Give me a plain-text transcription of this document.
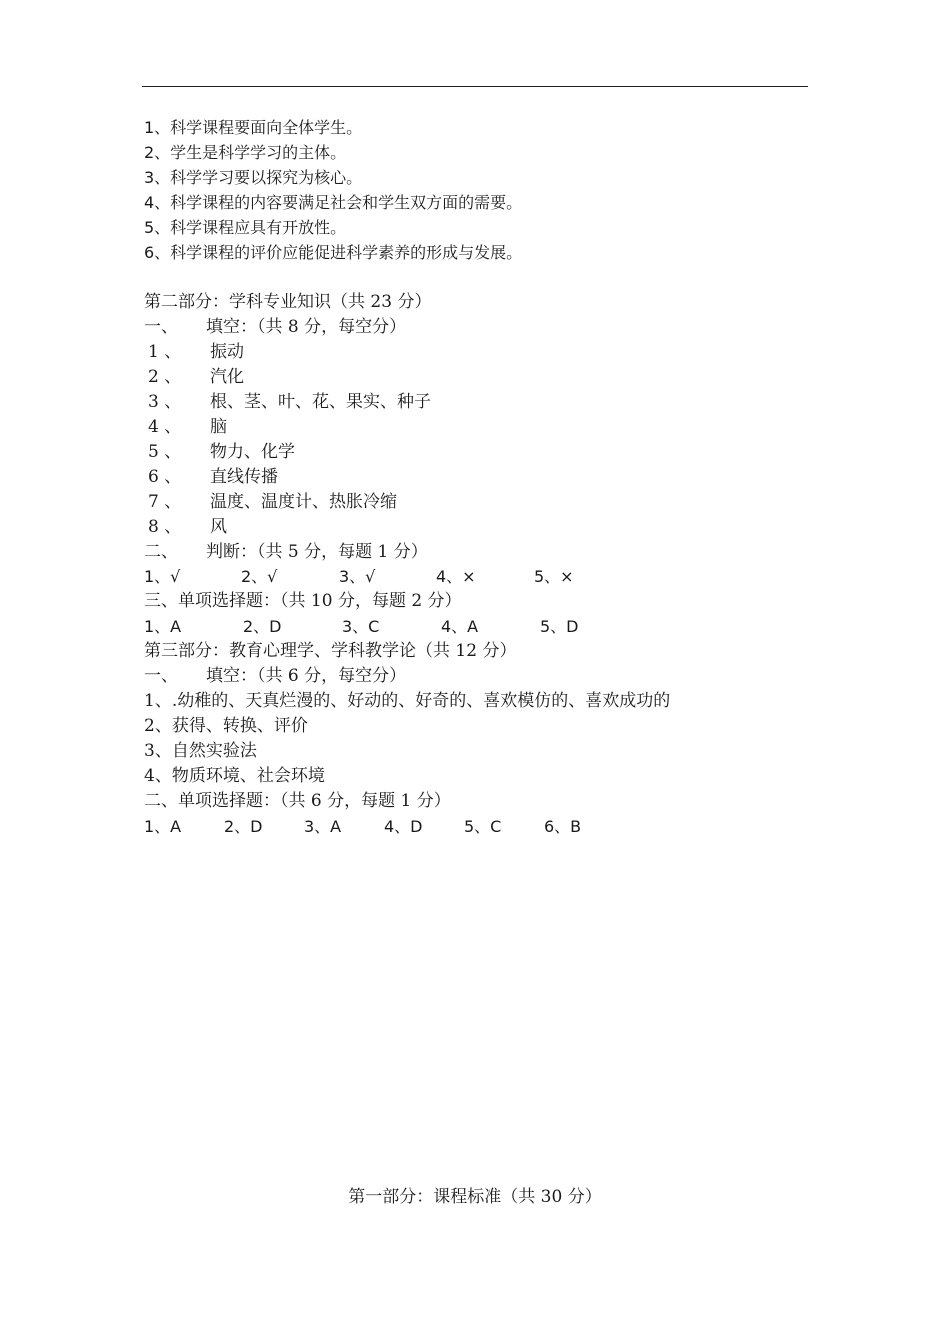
1、科学课程要面向全体学生。
2、学生是科学学习的主体。
3、科学学习要以探究为核心。
4、科学课程的内容要满足社会和学生双方面的需要。
5、科学课程应具有开放性。
6、科学课程的评价应能促进科学素养的形成与发展。
第二部分：学科专业知识（共 23 分）
一、 填空：（共 8 分，每空分）
1 、 振动
2 、 汽化
3 、 根、茎、叶、花、果实、种子
4 、 脑
5 、 物力、化学
6 、 直线传播
7 、 温度、温度计、热胀冷缩
8 、 风
二、 判断：（共 5 分，每题 1 分）
1、√	2、√	3、√	4、×	5、×
三、单项选择题：（共 10 分，每题 2 分）
1、A	2、D	3、C	4、A	5、D
第三部分：教育心理学、学科教学论（共 12 分）
一、 填空：（共 6 分，每空分）
1、.幼稚的、天真烂漫的、好动的、好奇的、喜欢模仿的、喜欢成功的
2、获得、转换、评价
3、自然实验法
4、物质环境、社会环境
二、单项选择题：（共 6 分，每题 1 分）
1、A	2、D	3、A	4、D	5、C	6、B
第一部分：课程标准（共 30 分）
